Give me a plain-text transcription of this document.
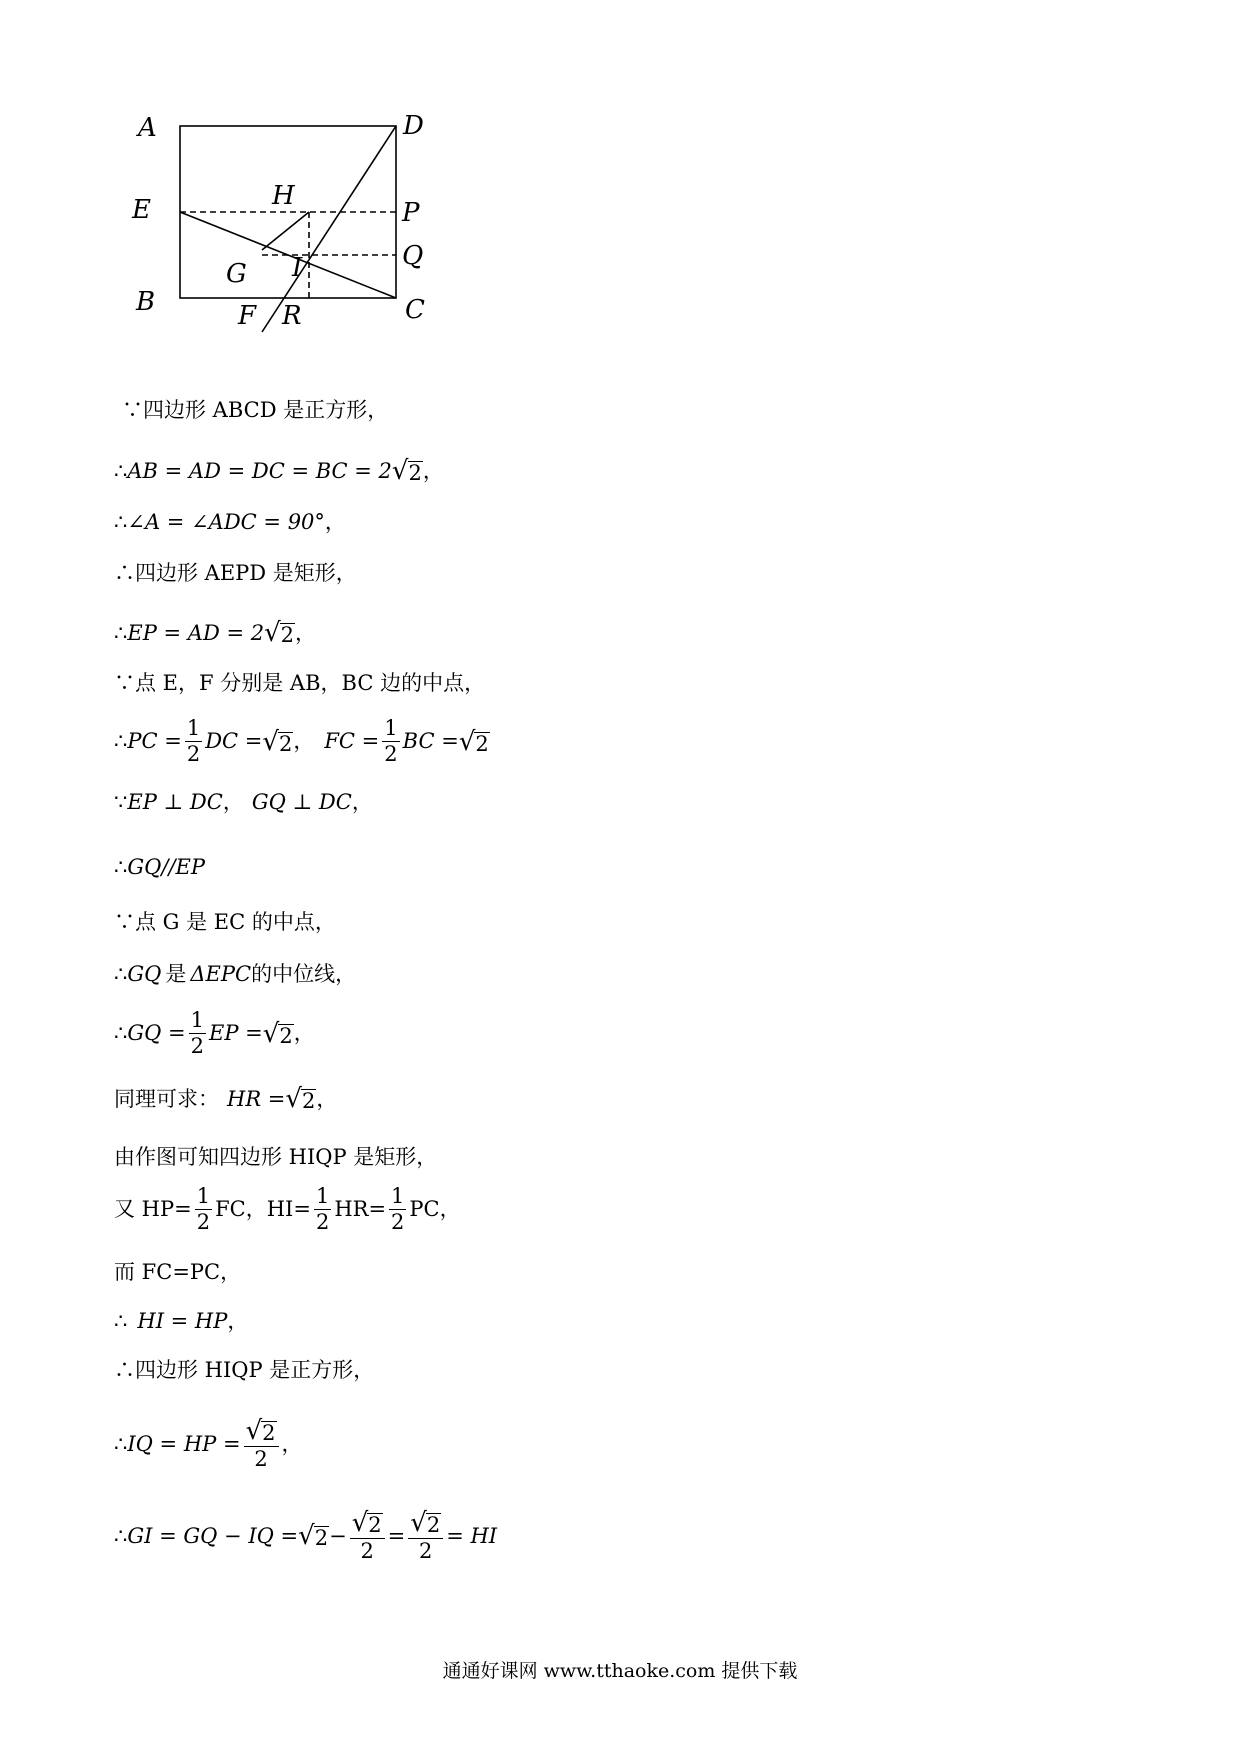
A	D
E	H
P
Q
G I
B	F R	C
∵四边形 ABCD 是正方形，
∴ AB = AD = DC = BC = 2 √ 2 ，
∴ ∠A = ∠ADC = 90° ，
∴四边形 AEPD 是矩形，
∴ EP = AD = 2 √ 2 ，
∵点 E，F 分别是 AB，BC 边的中点，
∴ PC = $\frac{1}{2}$ DC = √ 2 ， FC = $\frac{1}{2}$ BC = √ 2
∵ EP ⊥ DC ， GQ ⊥ DC ，
∴ GQ//EP
∵点 G 是 EC 的中点，
∴ GQ 是 ΔEPC 的中位线，
∴ GQ = $\frac{1}{2}$ EP = √ 2 ，
同理可求： HR = √ 2 ，
由作图可知四边形 HIQP 是矩形，
又 $HP= \frac{1}{2}$ FC，$HI= \frac{1}{2} HR= \frac{1}{2}$ PC，
而 FC=PC，
∴ HI = HP ，
∴四边形 HIQP 是正方形，
∴ IQ = HP = $\frac{√ 2}{2}$ ，
∴ GI = GQ − IQ = √ $2 - \frac{√ 2}{2} = \frac{√ 2}{2}$ = HI
通通好课网 www.tthaoke.com 提供下载
